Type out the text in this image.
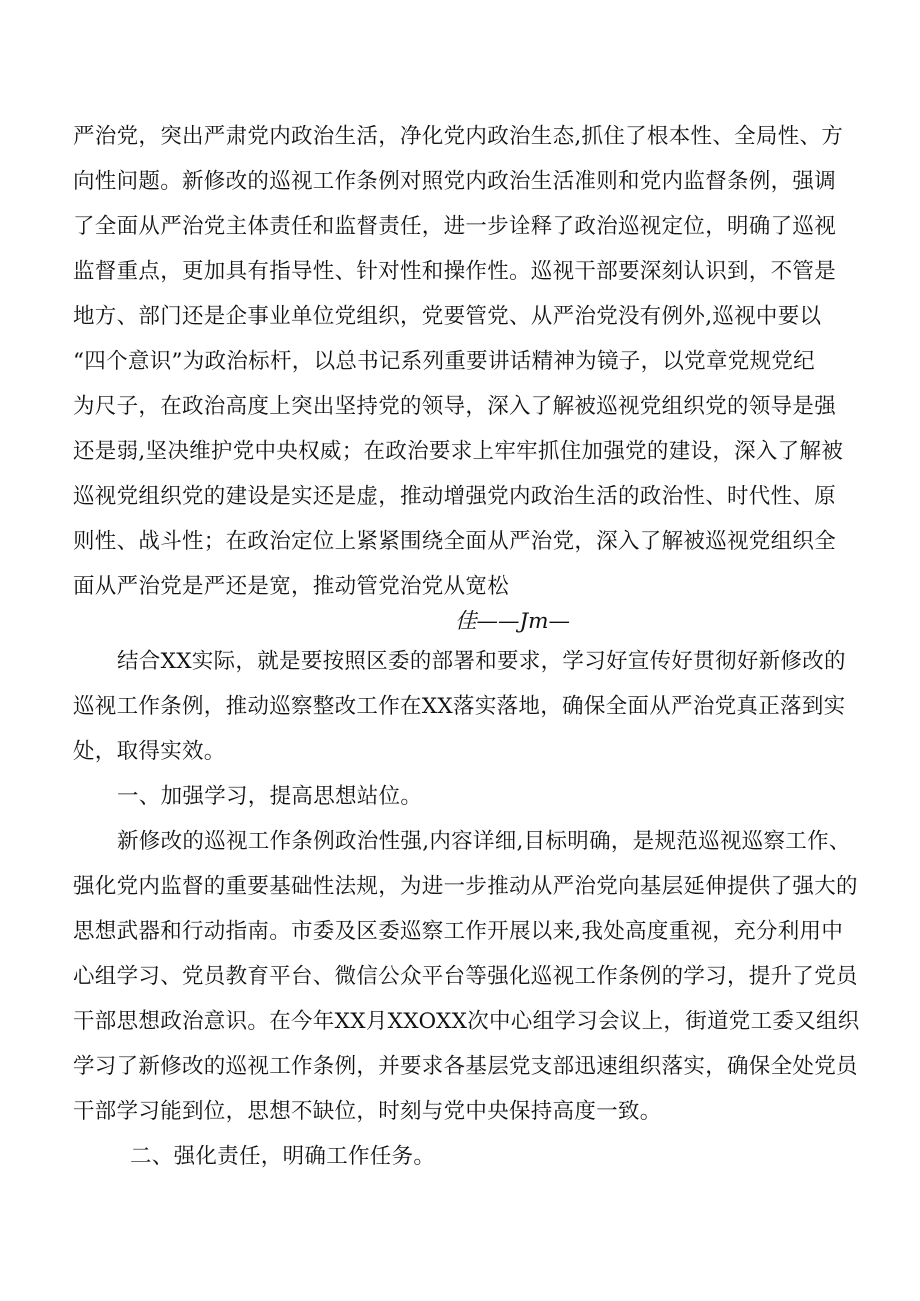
严治党，突出严肃党内政治生活，净化党内政治生态,抓住了根本性、全局性、方
向性问题。新修改的巡视工作条例对照党内政治生活准则和党内监督条例，强调
了全面从严治党主体责任和监督责任，进一步诠释了政治巡视定位，明确了巡视
监督重点，更加具有指导性、针对性和操作性。巡视干部要深刻认识到，不管是
地方、部门还是企事业单位党组织，党要管党、从严治党没有例外,巡视中要以
“四个意识”为政治标杆，以总书记系列重要讲话精神为镜子，以党章党规党纪
为尺子，在政治高度上突出坚持党的领导，深入了解被巡视党组织党的领导是强
还是弱,坚决维护党中央权威；在政治要求上牢牢抓住加强党的建设，深入了解被
巡视党组织党的建设是实还是虚，推动增强党内政治生活的政治性、时代性、原
则性、战斗性；在政治定位上紧紧围绕全面从严治党，深入了解被巡视党组织全
面从严治党是严还是宽，推动管党治党从宽松
佳——Jm—
结合XX实际，就是要按照区委的部署和要求，学习好宣传好贯彻好新修改的
巡视工作条例，推动巡察整改工作在XX落实落地，确保全面从严治党真正落到实
处，取得实效。
一、加强学习，提高思想站位。
新修改的巡视工作条例政治性强,内容详细,目标明确，是规范巡视巡察工作、
强化党内监督的重要基础性法规，为进一步推动从严治党向基层延伸提供了强大的
思想武器和行动指南。市委及区委巡察工作开展以来,我处高度重视，充分利用中
心组学习、党员教育平台、微信公众平台等强化巡视工作条例的学习，提升了党员
干部思想政治意识。在今年XX月XXOXX次中心组学习会议上，街道党工委又组织
学习了新修改的巡视工作条例，并要求各基层党支部迅速组织落实，确保全处党员
干部学习能到位，思想不缺位，时刻与党中央保持高度一致。
二、强化责任，明确工作任务。
